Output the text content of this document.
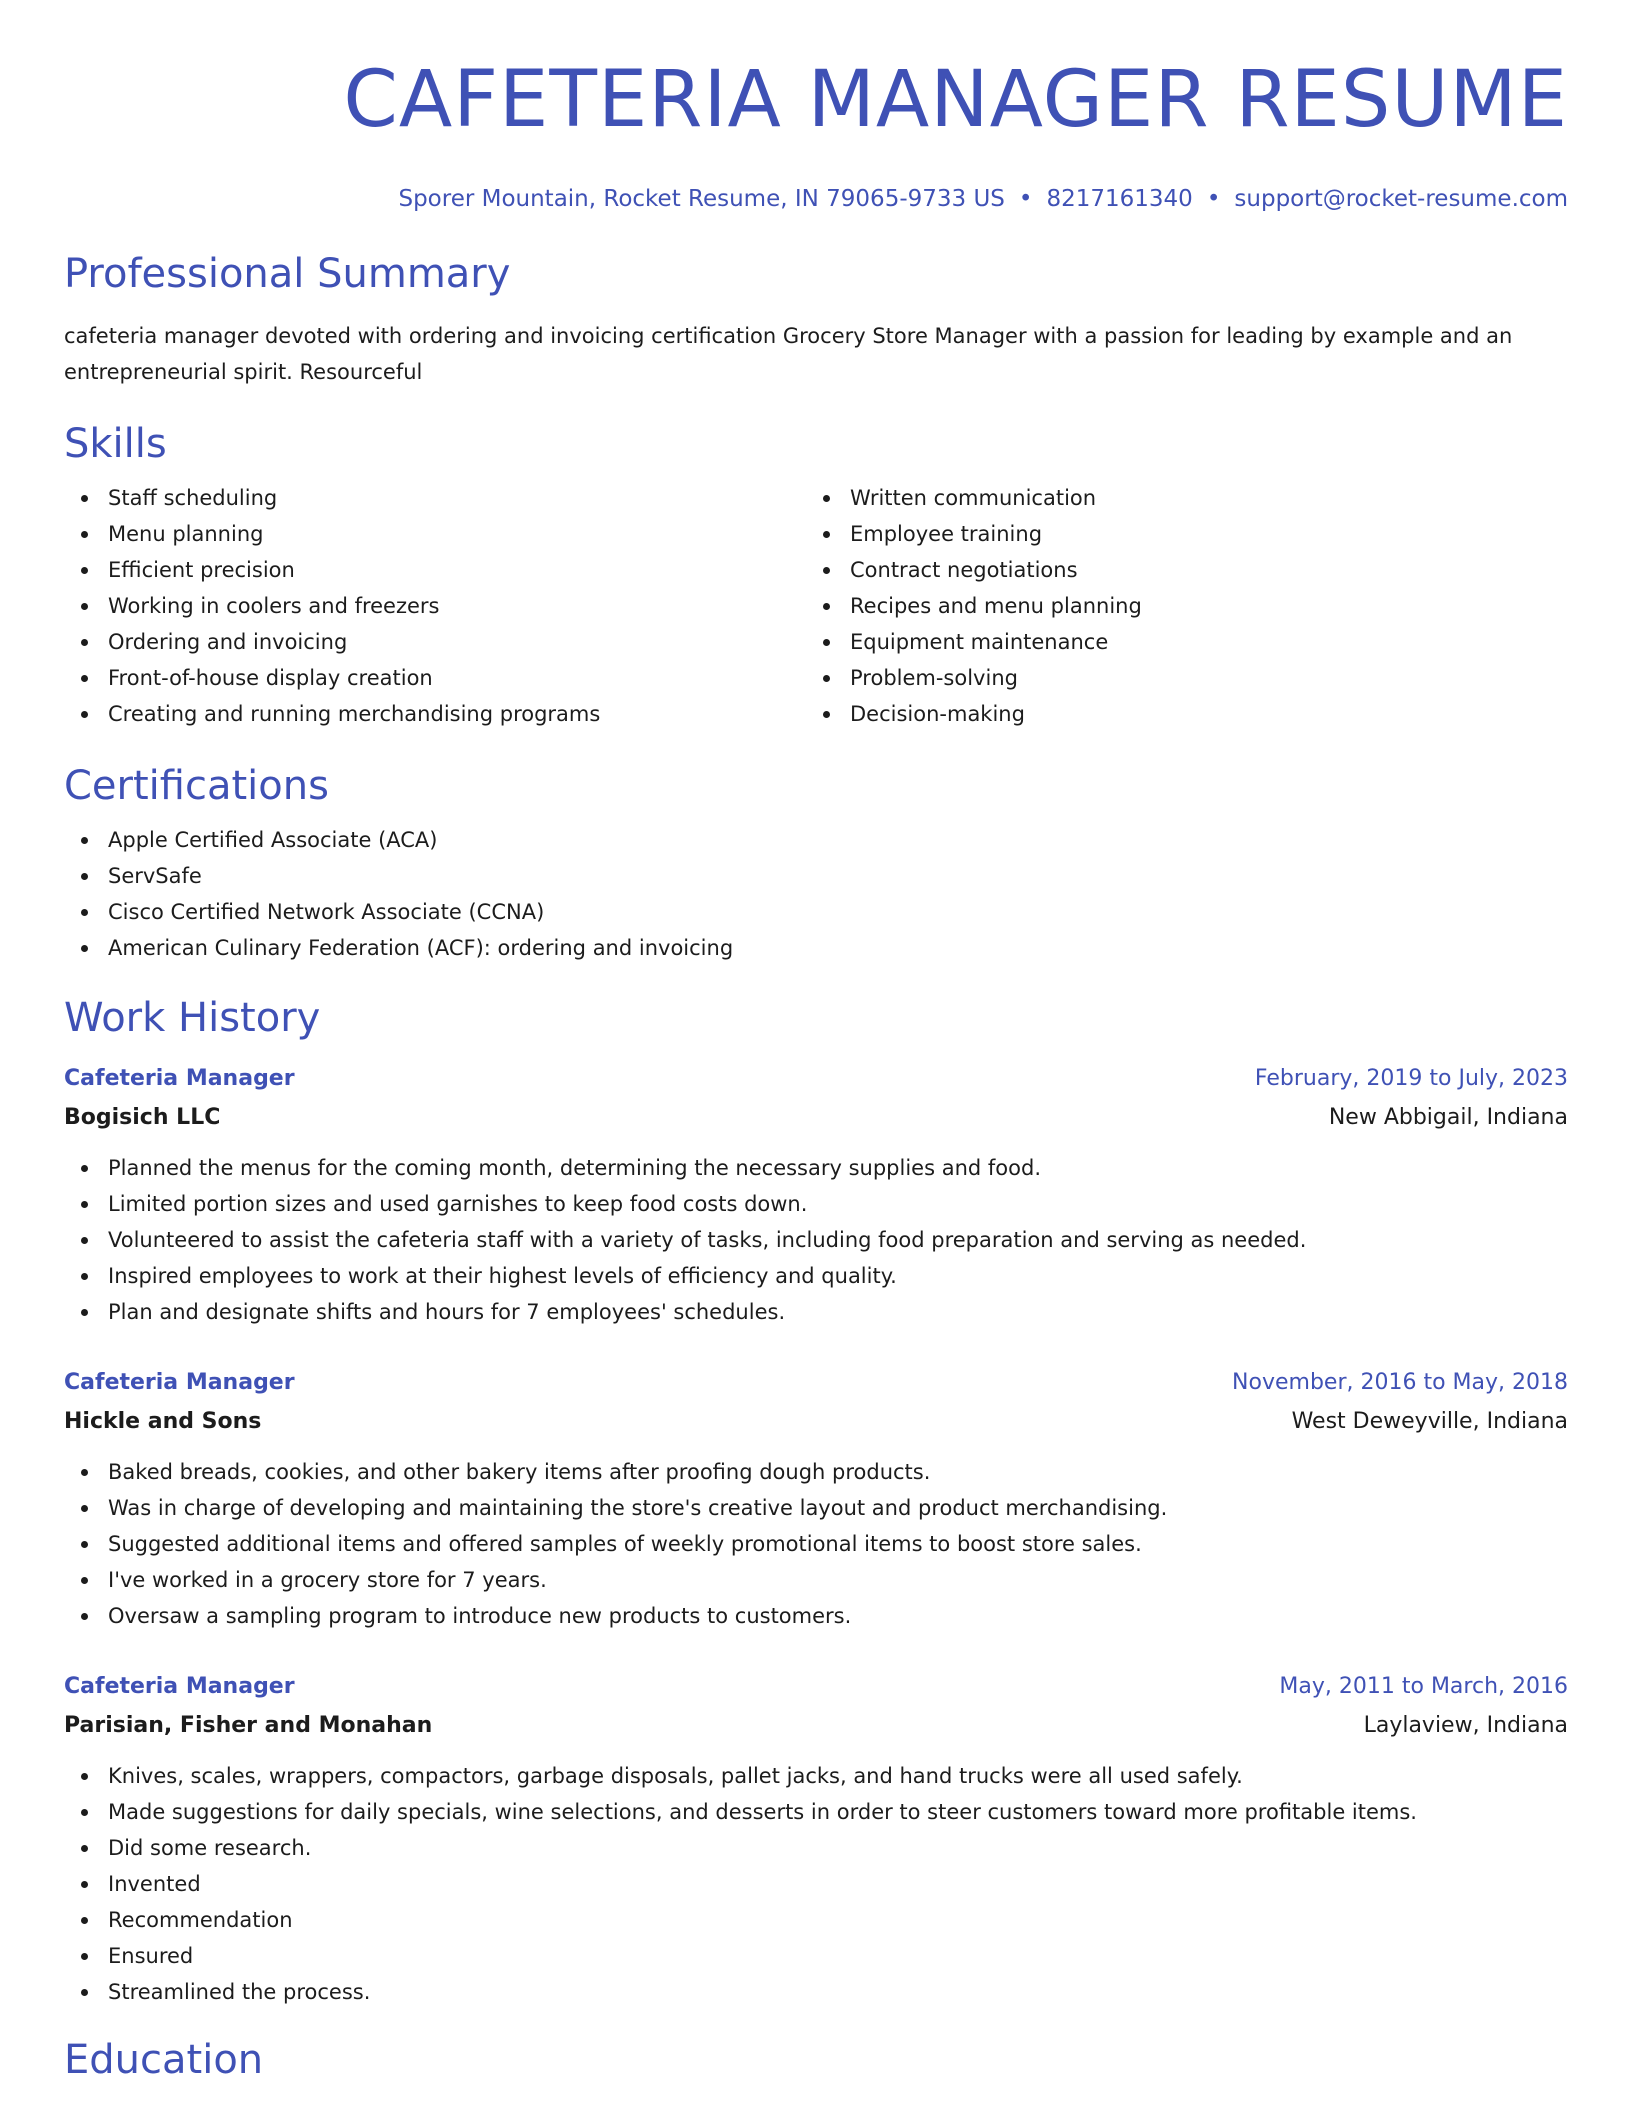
CAFETERIA MANAGER RESUME
Sporer Mountain, Rocket Resume, IN 79065-9733 US • 8217161340 • support@rocket-resume.com
Professional Summary

cafeteria manager devoted with ordering and invoicing certification Grocery Store Manager with a passion for leading by example and an entrepreneurial spirit. Resourceful

Skills
Staff scheduling
Menu planning
Efficient precision
Working in coolers and freezers
Ordering and invoicing
Front-of-house display creation
Creating and running merchandising programs
Written communication
Employee training
Contract negotiations
Recipes and menu planning
Equipment maintenance
Problem-solving
Decision-making
Certifications
Apple Certified Associate (ACA)
ServSafe
Cisco Certified Network Associate (CCNA)
American Culinary Federation (ACF): ordering and invoicing
Work History
Cafeteria Manager	February, 2019 to July, 2023
Bogisich LLC	New Abbigail, Indiana
Planned the menus for the coming month, determining the necessary supplies and food.
Limited portion sizes and used garnishes to keep food costs down.
Volunteered to assist the cafeteria staff with a variety of tasks, including food preparation and serving as needed.
Inspired employees to work at their highest levels of efficiency and quality.
Plan and designate shifts and hours for 7 employees' schedules.
Cafeteria Manager	November, 2016 to May, 2018
Hickle and Sons	West Deweyville, Indiana
Baked breads, cookies, and other bakery items after proofing dough products.
Was in charge of developing and maintaining the store's creative layout and product merchandising.
Suggested additional items and offered samples of weekly promotional items to boost store sales.
I've worked in a grocery store for 7 years.
Oversaw a sampling program to introduce new products to customers.
Cafeteria Manager	May, 2011 to March, 2016
Parisian, Fisher and Monahan	Laylaview, Indiana
Knives, scales, wrappers, compactors, garbage disposals, pallet jacks, and hand trucks were all used safely.
Made suggestions for daily specials, wine selections, and desserts in order to steer customers toward more profitable items.
Did some research.
Invented
Recommendation
Ensured
Streamlined the process.
Education
